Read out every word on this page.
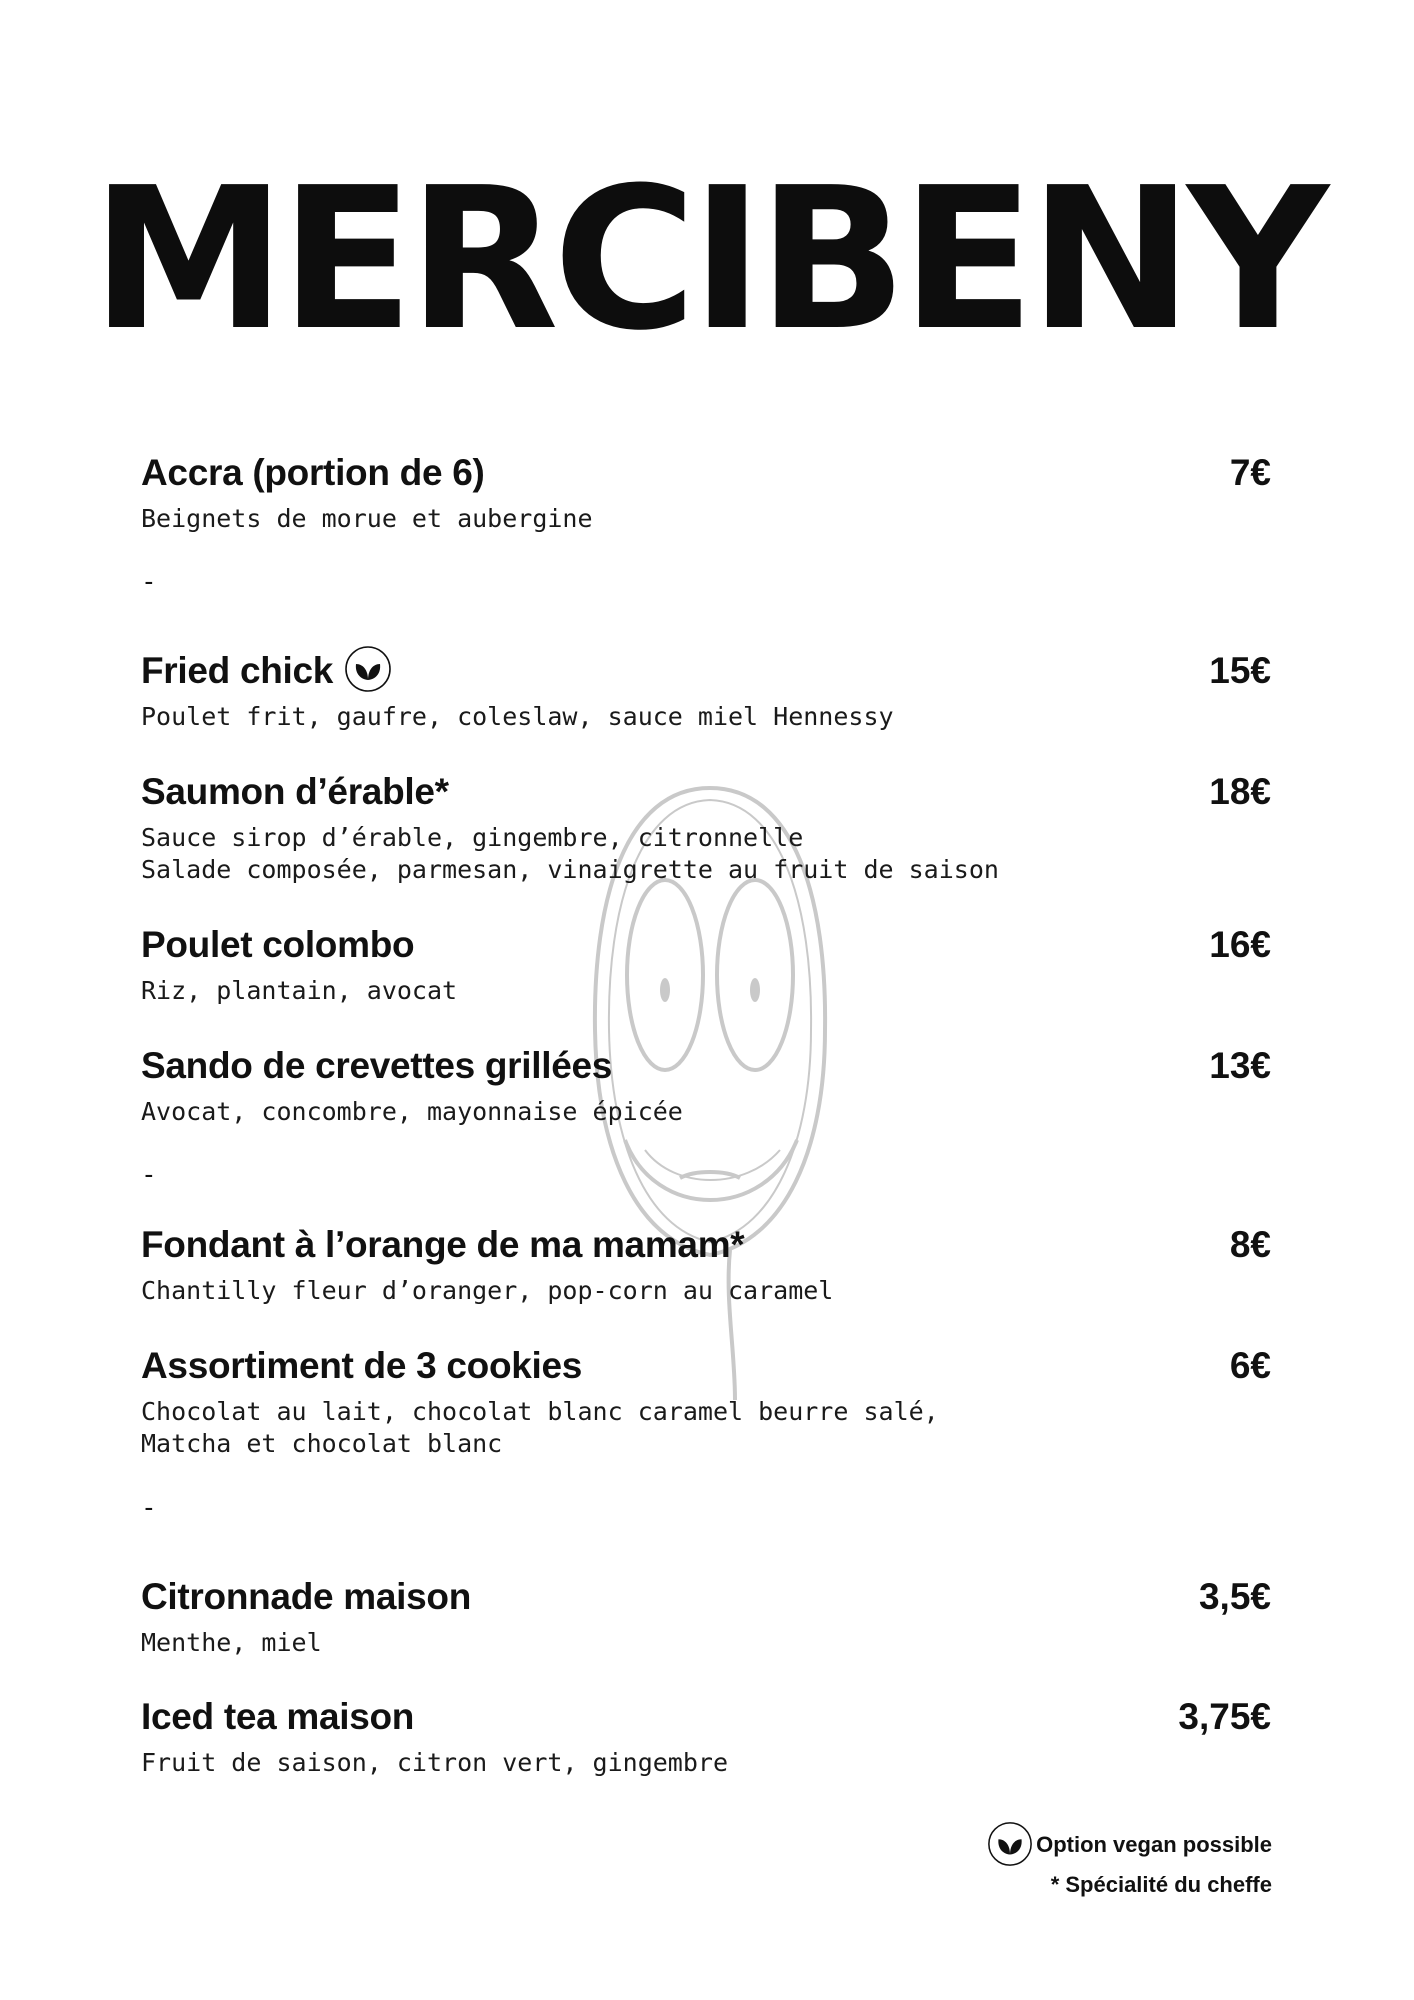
MERCIBENY
Accra (portion de 6)	7€
Beignets de morue et aubergine
-
Fried chick	15€
Poulet frit, gaufre, coleslaw, sauce miel Hennessy
Saumon d’érable*	18€
Sauce sirop d’érable, gingembre, citronnelle
Salade composée, parmesan, vinaigrette au fruit de saison
Poulet colombo	16€
Riz, plantain, avocat
Sando de crevettes grillées	13€
Avocat, concombre, mayonnaise épicée
-
Fondant à l’orange de ma mamam*	8€
Chantilly fleur d’oranger, pop-corn au caramel
Assortiment de 3 cookies	6€
Chocolat au lait, chocolat blanc caramel beurre salé,
Matcha et chocolat blanc
-
Citronnade maison	3,5€
Menthe, miel
Iced tea maison	3,75€
Fruit de saison, citron vert, gingembre
Option vegan possible
* Spécialité du cheffe
